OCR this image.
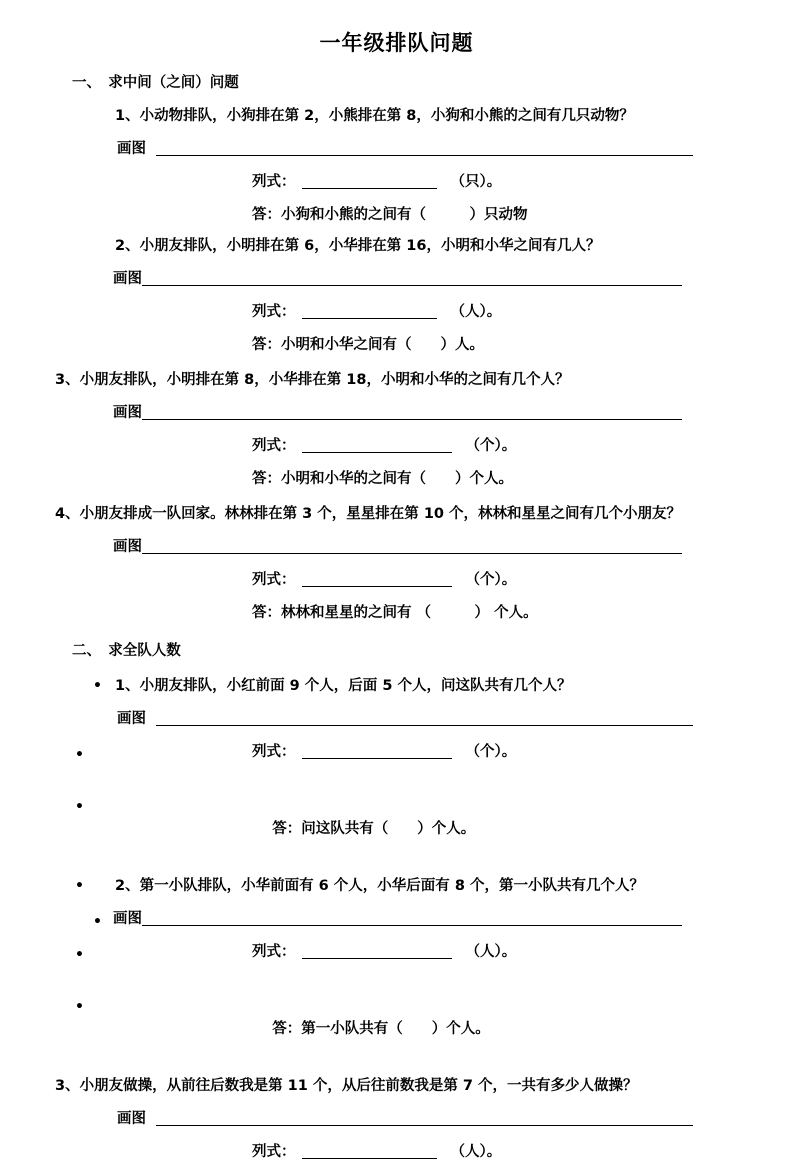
一年级排队问题
一、　求中间（之间）问题
1、小动物排队，小狗排在第 2，小熊排在第 8，小狗和小熊的之间有几只动物？
画图
列式：	（只）。
答：小狗和小熊的之间有（　　　）只动物
2、小朋友排队，小明排在第 6，小华排在第 16，小明和小华之间有几人？
画图
列式：	（人）。
答：小明和小华之间有（　　）人。
3、小朋友排队，小明排在第 8，小华排在第 18，小明和小华的之间有几个人？
画图
列式：	（个）。
答：小明和小华的之间有（　　）个人。
4、小朋友排成一队回家。林林排在第 3 个，星星排在第 10 个，林林和星星之间有几个小朋友？
画图
列式：	（个）。
答：林林和星星的之间有 （　　　） 个人。
二、　求全队人数
• 1、小朋友排队，小红前面 9 个人，后面 5 个人，问这队共有几个人？
画图
•	列式：	（个）。

•

答：问这队共有（　　）个人。

• 2、第一小队排队，小华前面有 6 个人，小华后面有 8 个，第一小队共有几个人？
• 画图
•	列式：	（人）。

•

答：第一小队共有（　　）个人。

3、小朋友做操，从前往后数我是第 11 个，从后往前数我是第 7 个，一共有多少人做操？
画图
列式：	（人）。
